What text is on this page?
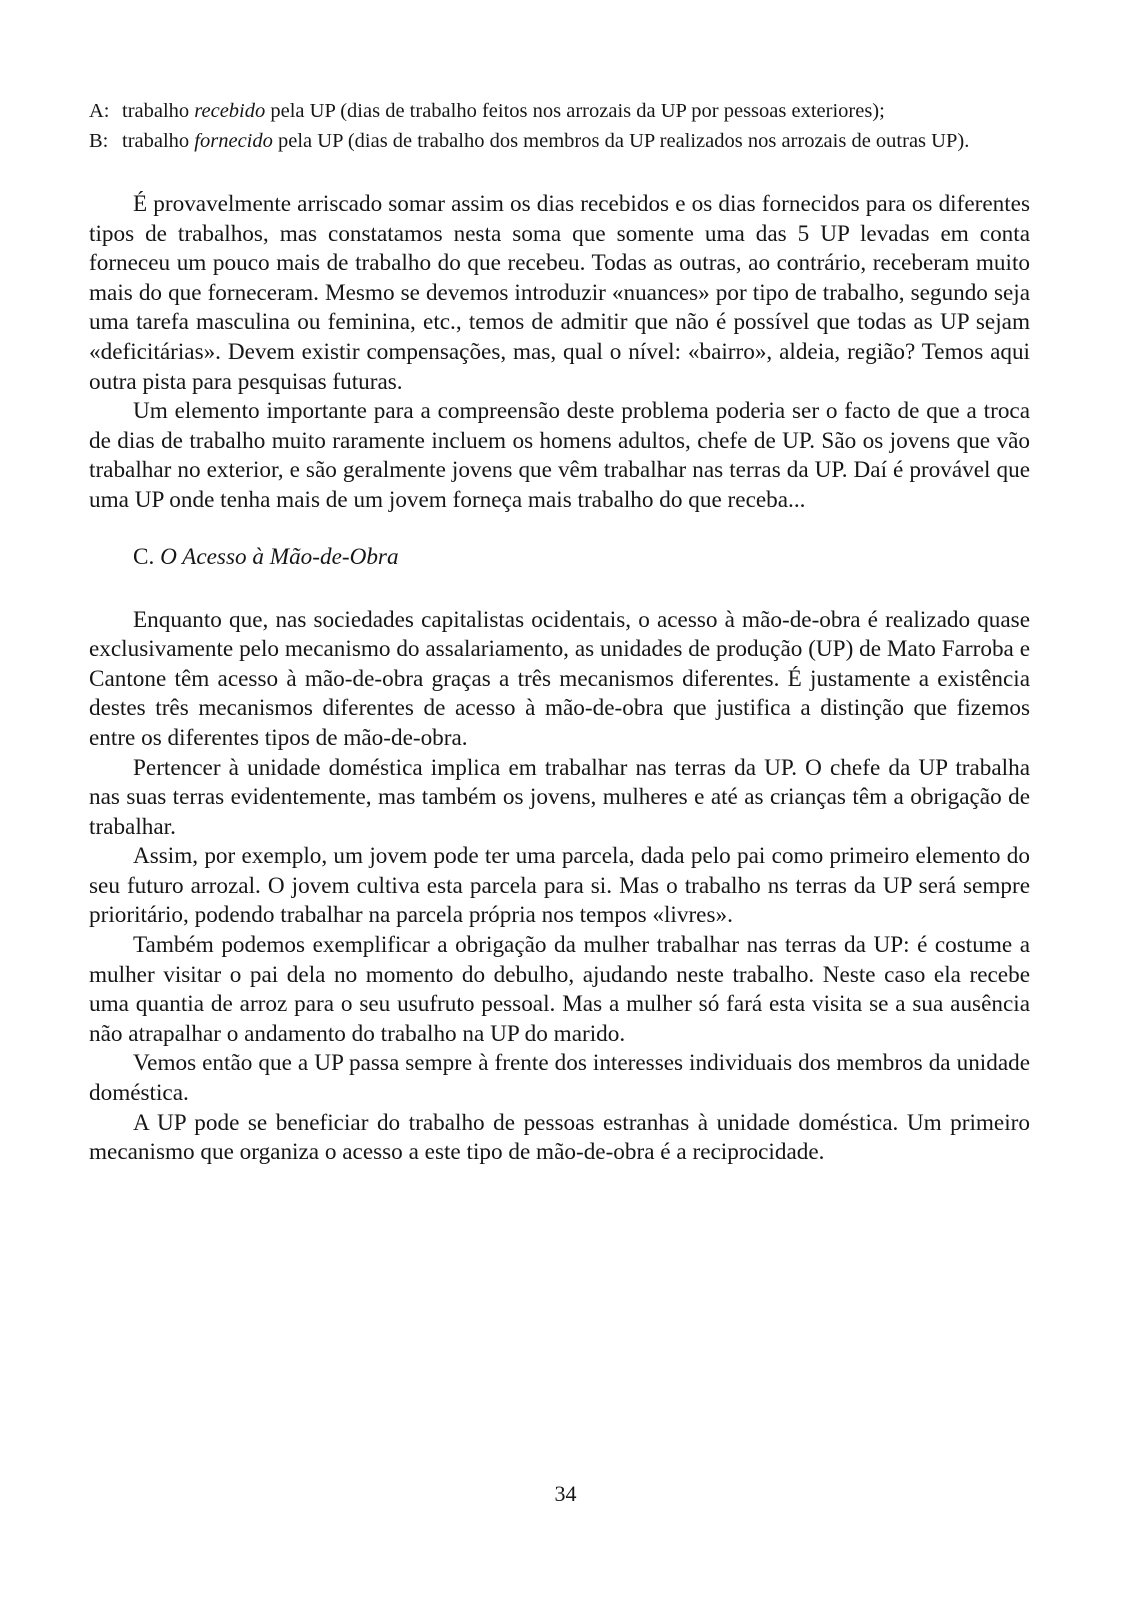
A: trabalho recebido pela UP (dias de trabalho feitos nos arrozais da UP por pessoas exteriores);
B: trabalho fornecido pela UP (dias de trabalho dos membros da UP realizados nos arrozais de outras UP).

É provavelmente arriscado somar assim os dias recebidos e os dias fornecidos para os diferentes tipos de trabalhos, mas constatamos nesta soma que somente uma das 5 UP levadas em conta forneceu um pouco mais de trabalho do que recebeu. Todas as outras, ao contrário, receberam muito mais do que forneceram. Mesmo se devemos introduzir «nuances» por tipo de trabalho, segundo seja uma tarefa masculina ou feminina, etc., temos de admitir que não é possível que todas as UP sejam «deficitárias». Devem existir compensações, mas, qual o nível: «bairro», aldeia, região? Temos aqui outra pista para pesquisas futuras.

Um elemento importante para a compreensão deste problema poderia ser o facto de que a troca de dias de trabalho muito raramente incluem os homens adultos, chefe de UP. São os jovens que vão trabalhar no exterior, e são geralmente jovens que vêm trabalhar nas terras da UP. Daí é provável que uma UP onde tenha mais de um jovem forneça mais trabalho do que receba...

C. O Acesso à Mão-de-Obra

Enquanto que, nas sociedades capitalistas ocidentais, o acesso à mão-de-obra é realizado quase exclusivamente pelo mecanismo do assalariamento, as unidades de produção (UP) de Mato Farroba e Cantone têm acesso à mão-de-obra graças a três mecanismos diferentes. É justamente a existência destes três mecanismos diferentes de acesso à mão-de-obra que justifica a distinção que fizemos entre os diferentes tipos de mão-de-obra.

Pertencer à unidade doméstica implica em trabalhar nas terras da UP. O chefe da UP trabalha nas suas terras evidentemente, mas também os jovens, mulheres e até as crianças têm a obrigação de trabalhar.

Assim, por exemplo, um jovem pode ter uma parcela, dada pelo pai como primeiro elemento do seu futuro arrozal. O jovem cultiva esta parcela para si. Mas o trabalho ns terras da UP será sempre prioritário, podendo trabalhar na parcela própria nos tempos «livres».

Também podemos exemplificar a obrigação da mulher trabalhar nas terras da UP: é costume a mulher visitar o pai dela no momento do debulho, ajudando neste trabalho. Neste caso ela recebe uma quantia de arroz para o seu usufruto pessoal. Mas a mulher só fará esta visita se a sua ausência não atrapalhar o andamento do trabalho na UP do marido.

Vemos então que a UP passa sempre à frente dos interesses individuais dos membros da unidade doméstica.

A UP pode se beneficiar do trabalho de pessoas estranhas à unidade doméstica. Um primeiro mecanismo que organiza o acesso a este tipo de mão-de-obra é a reciprocidade.

34
